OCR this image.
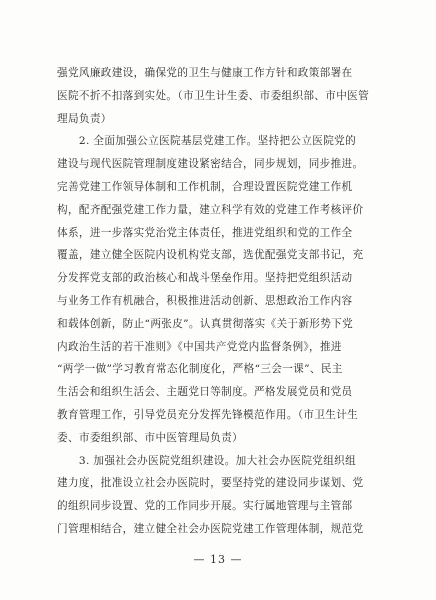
强党风廉政建设，确保党的卫生与健康工作方针和政策部署在
医院不折不扣落到实处。（市卫生计生委、市委组织部、市中医管
理局负责）
　　2. 全面加强公立医院基层党建工作。坚持把公立医院党的
建设与现代医院管理制度建设紧密结合，同步规划，同步推进。
完善党建工作领导体制和工作机制，合理设置医院党建工作机
构，配齐配强党建工作力量，建立科学有效的党建工作考核评价
体系，进一步落实党治党主体责任，推进党组织和党的工作全
覆盖，建立健全医院内设机构党支部，选优配强党支部书记，充
分发挥党支部的政治核心和战斗堡垒作用。坚持把党组织活动
与业务工作有机融合，积极推进活动创新、思想政治工作内容
和载体创新，防止“两张皮”。认真贯彻落实《关于新形势下党
内政治生活的若干准则》《中国共产党党内监督条例》，推进
“两学一做”学习教育常态化制度化，严格“三会一课”、民主
生活会和组织生活会、主题党日等制度。严格发展党员和党员
教育管理工作，引导党员充分发挥先锋模范作用。（市卫生计生
委、市委组织部、市中医管理局负责）
　　3. 加强社会办医院党组织建设。加大社会办医院党组织组
建力度，批准设立社会办医院时，要坚持党的建设同步谋划、党
的组织同步设置、党的工作同步开展。实行属地管理与主管部
门管理相结合，建立健全社会办医院党建工作管理体制，规范党
— 13 —
